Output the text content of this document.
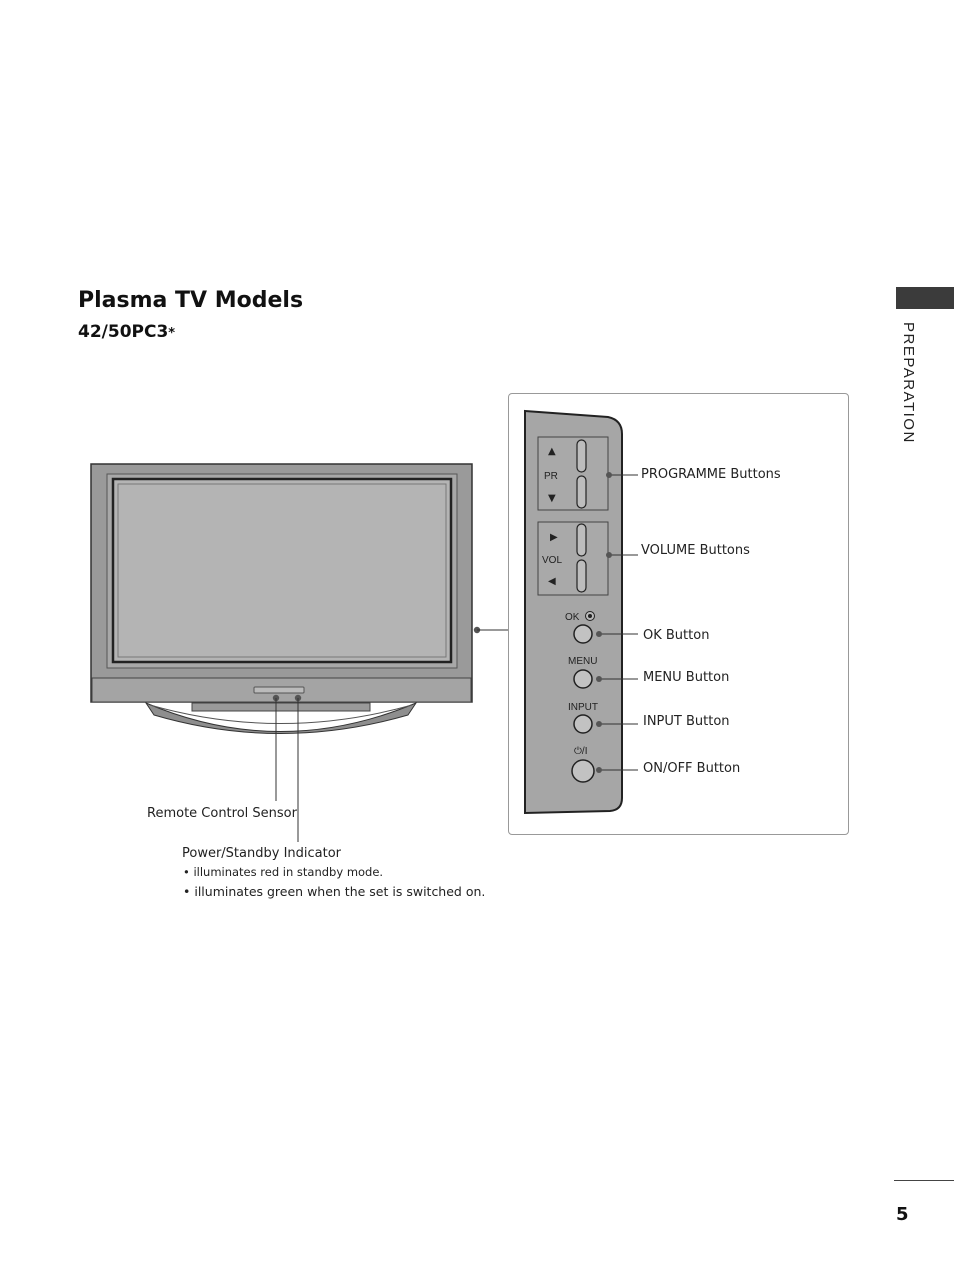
Plasma TV Models
42/50PC3*	PREPARATION
▲
PR
▼
▶
VOL
◀
OK
MENU
INPUT
⏻/I
PROGRAMME Buttons
VOLUME Buttons
OK Button
MENU Button
INPUT Button
ON/OFF Button
Remote Control Sensor
Power/Standby Indicator
• illuminates red in standby mode.
• illuminates green when the set is switched on.
5
